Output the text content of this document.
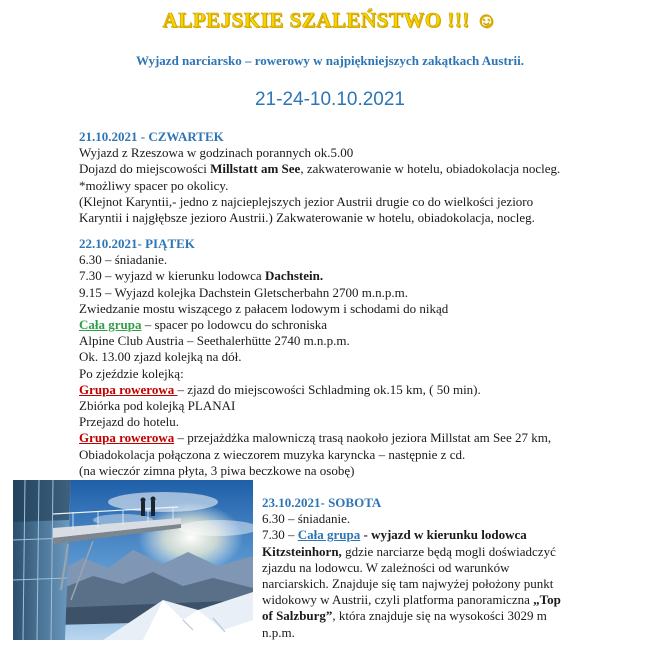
ALPEJSKIE SZALEŃSTWO !!! ☺
Wyjazd narciarsko – rowerowy w najpiękniejszych zakątkach Austrii.
21-24-10.10.2021
21.10.2021 - CZWARTEK
Wyjazd z Rzeszowa w godzinach porannych ok.5.00
Dojazd do miejscowości Millstatt am See, zakwaterowanie w hotelu, obiadokolacja nocleg.
*możliwy spacer po okolicy.
(Klejnot Karyntii,- jedno z najcieplejszych jezior Austrii drugie co do wielkości jezioro
Karyntii i najgłębsze jezioro Austrii.) Zakwaterowanie w hotelu, obiadokolacja, nocleg.
22.10.2021- PIĄTEK
6.30 – śniadanie.
7.30 – wyjazd w kierunku lodowca Dachstein.
9.15 – Wyjazd kolejka Dachstein Gletscherbahn 2700 m.n.p.m.
Zwiedzanie mostu wiszącego z pałacem lodowym i schodami do nikąd
Cała grupa – spacer po lodowcu do schroniska
Alpine Club Austria – Seethalerhütte 2740 m.n.p.m.
Ok. 13.00 zjazd kolejką na dół.
Po zjeździe kolejką:
Grupa rowerowa – zjazd do miejscowości Schladming ok.15 km, ( 50 min).
Zbiórka pod kolejką PLANAI
Przejazd do hotelu.
Grupa rowerowa – przejażdżka malowniczą trasą naokoło jeziora Millstat am See 27 km,
Obiadokolacja połączona z wieczorem muzyka karyncka – następnie z cd.
(na wieczór zimna płyta, 3 piwa beczkowe na osobę)
23.10.2021- SOBOTA
6.30 – śniadanie.
7.30 – Cała grupa - wyjazd w kierunku lodowca
Kitzsteinhorn, gdzie narciarze będą mogli doświadczyć
zjazdu na lodowcu. W zależności od warunków
narciarskich. Znajduje się tam najwyżej położony punkt
widokowy w Austrii, czyli platforma panoramiczna „Top
of Salzburg”, która znajduje się na wysokości 3029 m
n.p.m.
